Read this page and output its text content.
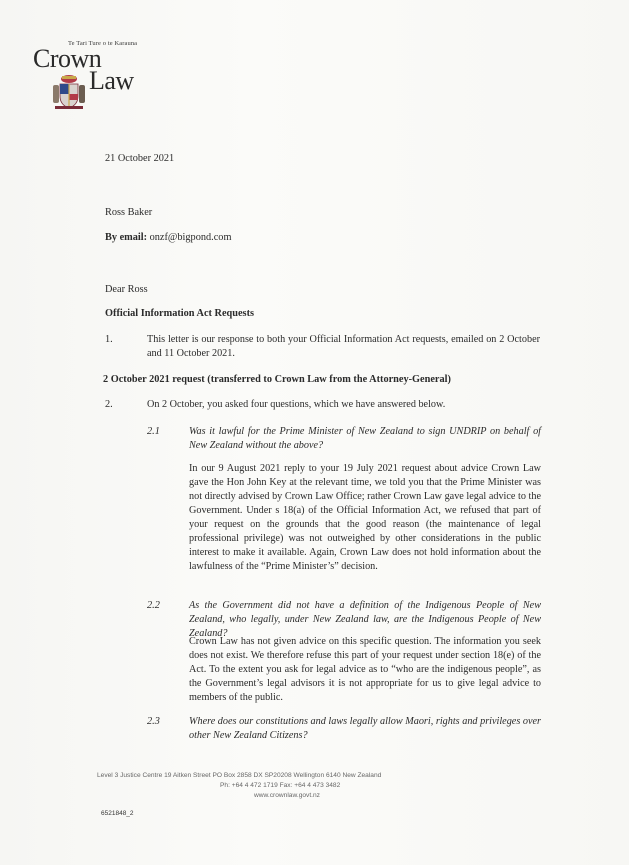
Te Tari Ture o te Karauna
Crown
Law
21 October 2021
Ross Baker
By email: onzf@bigpond.com
Dear Ross
Official Information Act Requests
1.	This letter is our response to both your Official Information Act requests, emailed on 2 October and 11 October 2021.
2 October 2021 request (transferred to Crown Law from the Attorney-General)
2.	On 2 October, you asked four questions, which we have answered below.
2.1	Was it lawful for the Prime Minister of New Zealand to sign UNDRIP on behalf of New Zealand without the above?
In our 9 August 2021 reply to your 19 July 2021 request about advice Crown Law gave the Hon John Key at the relevant time, we told you that the Prime Minister was not directly advised by Crown Law Office; rather Crown Law gave legal advice to the Government. Under s 18(a) of the Official Information Act, we refused that part of your request on the grounds that the good reason (the maintenance of legal professional privilege) was not outweighed by other considerations in the public interest to make it available. Again, Crown Law does not hold information about the lawfulness of the “Prime Minister’s” decision.
2.2	As the Government did not have a definition of the Indigenous People of New Zealand, who legally, under New Zealand law, are the Indigenous People of New Zealand?
Crown Law has not given advice on this specific question. The information you seek does not exist. We therefore refuse this part of your request under section 18(e) of the Act. To the extent you ask for legal advice as to “who are the indigenous people”, as the Government’s legal advisors it is not appropriate for us to give legal advice to members of the public.
2.3	Where does our constitutions and laws legally allow Maori, rights and privileges over other New Zealand Citizens?
Level 3 Justice Centre 19 Aitken Street PO Box 2858 DX SP20208 Wellington 6140 New Zealand
Ph: +64 4 472 1719 Fax: +64 4 473 3482
www.crownlaw.govt.nz
6521848_2
